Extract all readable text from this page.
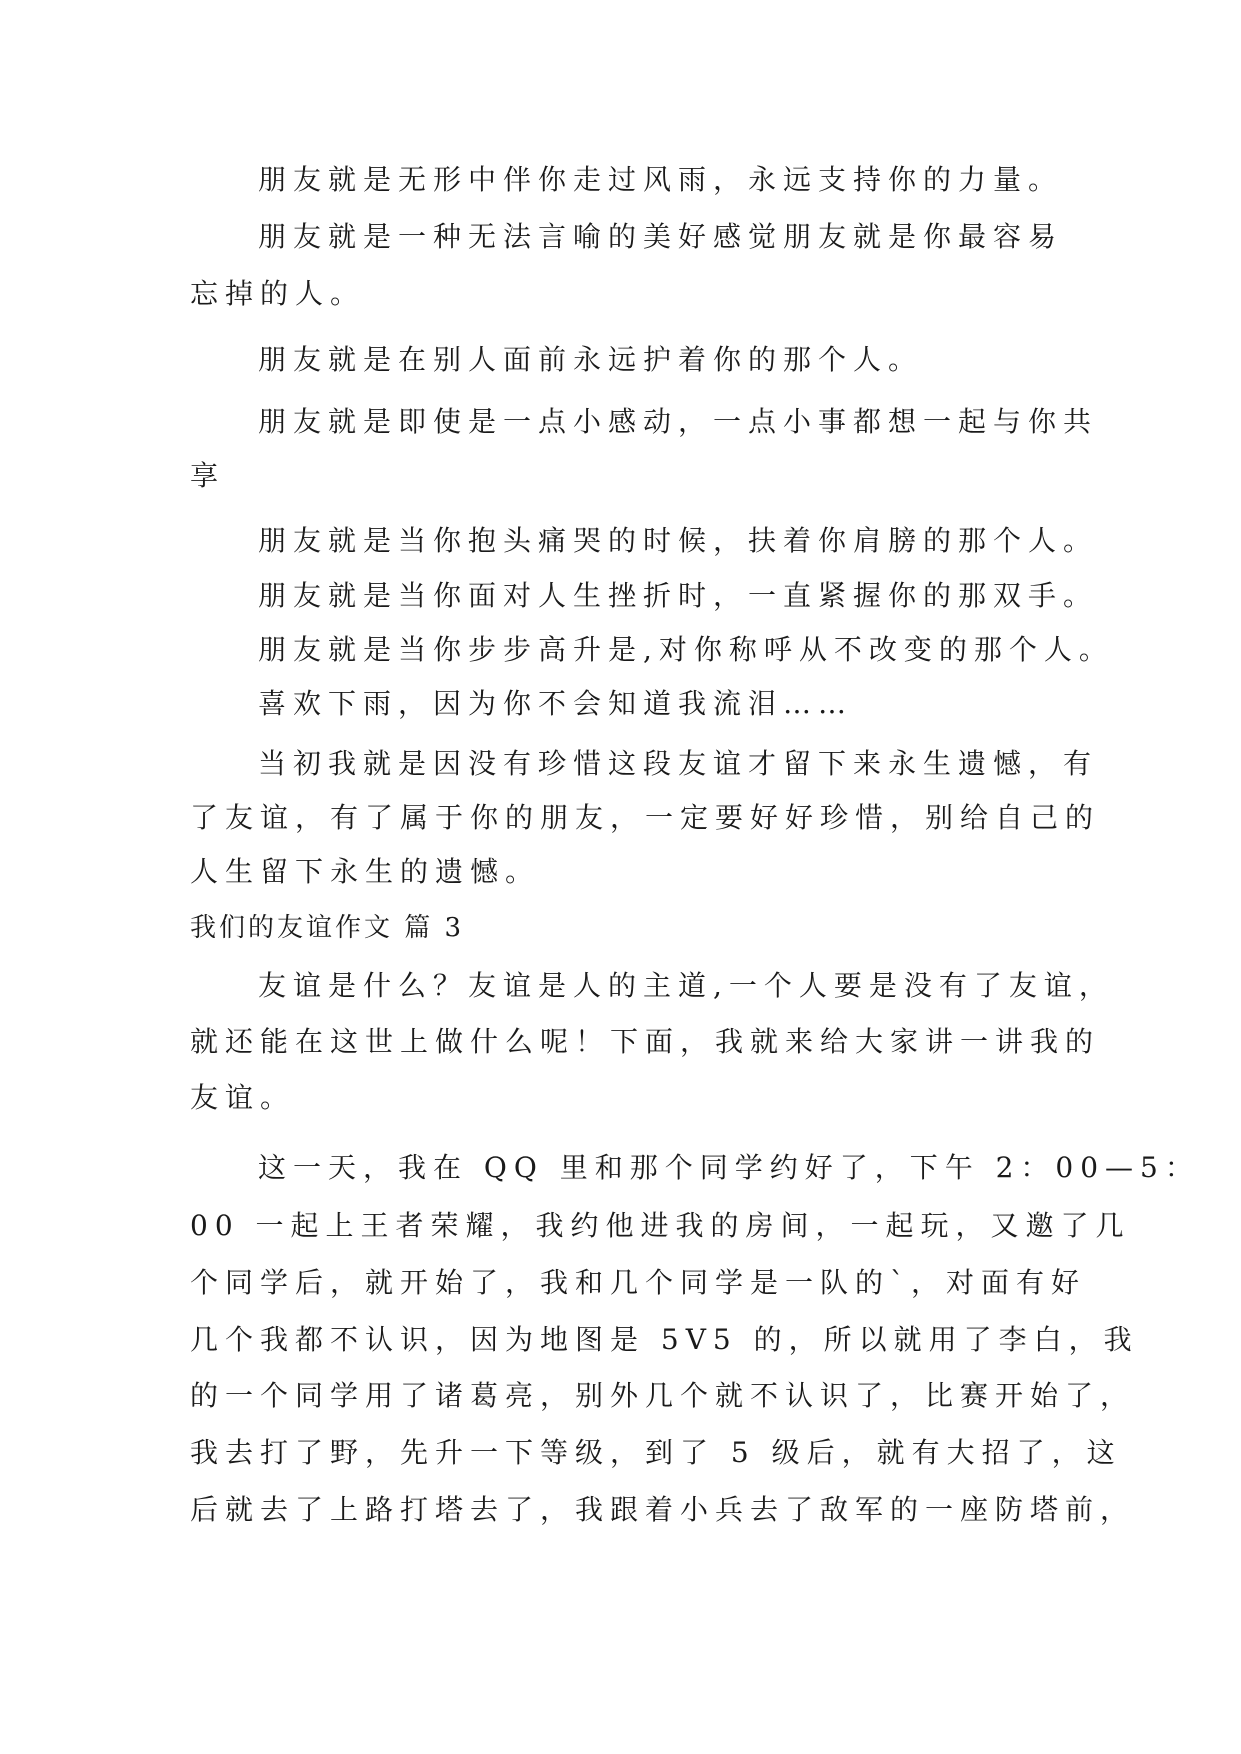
朋友就是无形中伴你走过风雨，永远支持你的力量。
朋友就是一种无法言喻的美好感觉朋友就是你最容易
忘掉的人。
朋友就是在别人面前永远护着你的那个人。
朋友就是即使是一点小感动，一点小事都想一起与你共
享
朋友就是当你抱头痛哭的时候，扶着你肩膀的那个人。
朋友就是当你面对人生挫折时，一直紧握你的那双手。
朋友就是当你步步高升是,对你称呼从不改变的那个人。
喜欢下雨，因为你不会知道我流泪……
当初我就是因没有珍惜这段友谊才留下来永生遗憾，有
了友谊，有了属于你的朋友，一定要好好珍惜，别给自己的
人生留下永生的遗憾。
我们的友谊作文 篇 3
友谊是什么？友谊是人的主道,一个人要是没有了友谊，
就还能在这世上做什么呢！下面，我就来给大家讲一讲我的
友谊。
这一天，我在 QQ 里和那个同学约好了，下午 2：00—5：
00 一起上王者荣耀，我约他进我的房间，一起玩，又邀了几
个同学后，就开始了，我和几个同学是一队的`，对面有好
几个我都不认识，因为地图是 5V5 的，所以就用了李白，我
的一个同学用了诸葛亮，别外几个就不认识了，比赛开始了，
我去打了野，先升一下等级，到了 5 级后，就有大招了，这
后就去了上路打塔去了，我跟着小兵去了敌军的一座防塔前，
